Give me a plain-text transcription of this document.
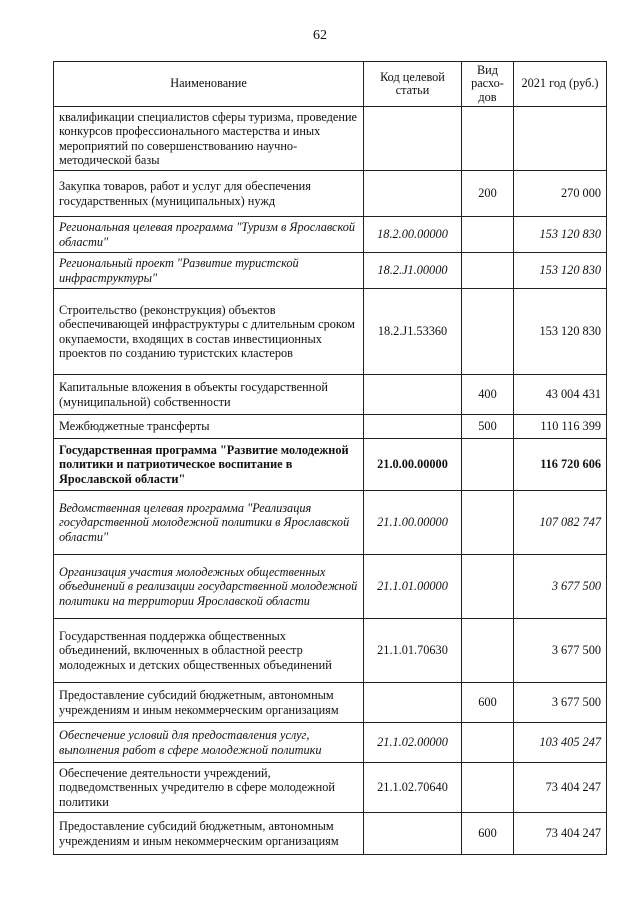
62
Наименование	Код целевой статьи	Вид расхо-дов	2021 год (руб.)
квалификации специалистов сферы туризма, проведение конкурсов профессионального мастерства и иных мероприятий по совершенствованию научно-методической базы			
Закупка товаров, работ и услуг для обеспечения государственных (муниципальных) нужд		200	270 000
Региональная целевая программа "Туризм в Ярославской области"	18.2.00.00000		153 120 830
Региональный проект "Развитие туристской инфраструктуры"	18.2.J1.00000		153 120 830
Строительство (реконструкция) объектов обеспечивающей инфраструктуры с длительным сроком окупаемости, входящих в состав инвестиционных проектов по созданию туристских кластеров	18.2.J1.53360		153 120 830
Капитальные вложения в объекты государственной (муниципальной) собственности		400	43 004 431
Межбюджетные трансферты		500	110 116 399
Государственная программа "Развитие молодежной политики и патриотическое воспитание в Ярославской области"	21.0.00.00000		116 720 606
Ведомственная целевая программа "Реализация государственной молодежной политики в Ярославской области"	21.1.00.00000		107 082 747
Организация участия молодежных общественных объединений в реализации государственной молодежной политики на территории Ярославской области	21.1.01.00000		3 677 500
Государственная поддержка общественных объединений, включенных в областной реестр молодежных и детских общественных объединений	21.1.01.70630		3 677 500
Предоставление субсидий бюджетным, автономным учреждениям и иным некоммерческим организациям		600	3 677 500
Обеспечение условий для предоставления услуг, выполнения работ в сфере молодежной политики	21.1.02.00000		103 405 247
Обеспечение деятельности учреждений, подведомственных учредителю в сфере молодежной политики	21.1.02.70640		73 404 247
Предоставление субсидий бюджетным, автономным учреждениям и иным некоммерческим организациям		600	73 404 247
